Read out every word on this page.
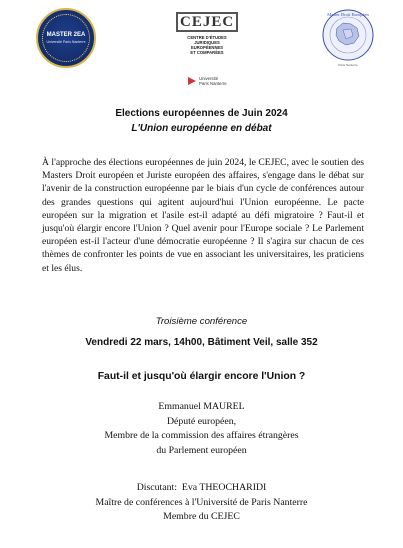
MASTER 2EA
Université Paris Nanterre
CEJEC
CENTRE D'ÉTUDES
JURIDIQUES
EUROPÉENNES
ET COMPARÉES
Université
Paris Nanterre
Master Droit Européen
Paris Nanterre
Elections européennes de Juin 2024
L'Union européenne en débat
À l'approche des élections européennes de juin 2024, le CEJEC, avec le soutien des Masters Droit européen et Juriste européen des affaires, s'engage dans le débat sur l'avenir de la construction européenne par le biais d'un cycle de conférences autour des grandes questions qui agitent aujourd'hui l'Union européenne. Le pacte européen sur la migration et l'asile est-il adapté au défi migratoire ? Faut-il et jusqu'où élargir encore l'Union ? Quel avenir pour l'Europe sociale ? Le Parlement européen est-il l'acteur d'une démocratie européenne ? Il s'agira sur chacun de ces thèmes de confronter les points de vue en associant les universitaires, les praticiens et les élus.
Troisième conférence
Vendredi 22 mars, 14h00, Bâtiment Veil, salle 352
Faut-il et jusqu'où élargir encore l'Union ?
Emmanuel MAUREL
Député européen,
Membre de la commission des affaires étrangères
du Parlement européen
Discutant:  Eva THEOCHARIDI
Maître de conférences à l'Université de Paris Nanterre
Membre du CEJEC
